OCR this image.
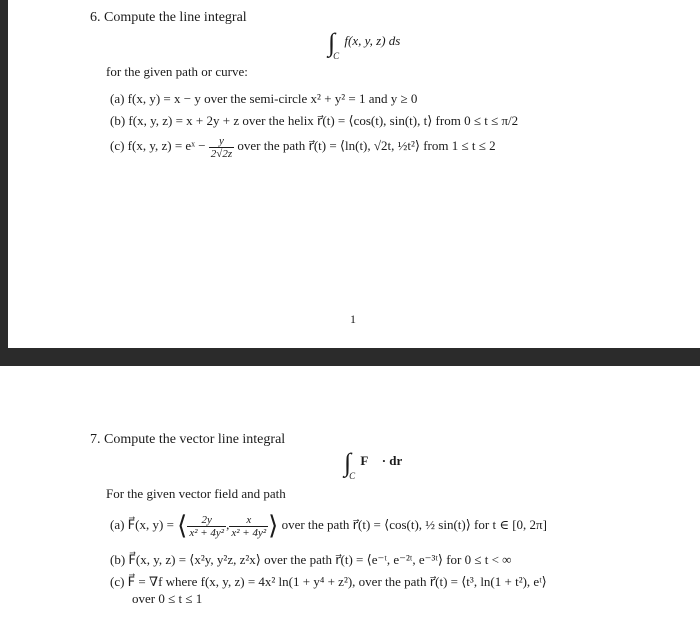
6. Compute the line integral
$\int_C$ f(x, y, z) ds
for the given path or curve:
(a) f(x, y) = x − y over the semi-circle x² + y² = 1 and y ≥ 0
(b) f(x, y, z) = x + 2y + z over the helix r⃗(t) = ⟨cos(t), sin(t), t⟩ from 0 ≤ t ≤ π/2
(c) f(x, y, z) = eˣ − $\frac{y}{2√2z}$ over the path r⃗(t) = ⟨ln(t), √2t, ½t²⟩ from 1 ≤ t ≤ 2
1
7. Compute the vector line integral
$\int_C$ F⃗ · dr⃗
For the given vector field and path
(a) F⃗(x, y) = ⟨ $\frac{2y}{\text{x² + 4y²}}$ , $\frac{x}{\text{x² + 4y²}}$ ⟩ over the path r⃗(t) = ⟨cos(t), ½ sin(t)⟩ for t ∈ [0, 2π]
(b) F⃗(x, y, z) = ⟨x²y, y²z, z²x⟩ over the path r⃗(t) = ⟨e⁻ᵗ, e⁻²ᵗ, e⁻³ᵗ⟩ for 0 ≤ t < ∞
(c) F⃗ = ∇f where f(x, y, z) = 4x² ln(1 + y⁴ + z²), over the path r⃗(t) = ⟨t³, ln(1 + t²), eᵗ⟩
over 0 ≤ t ≤ 1
